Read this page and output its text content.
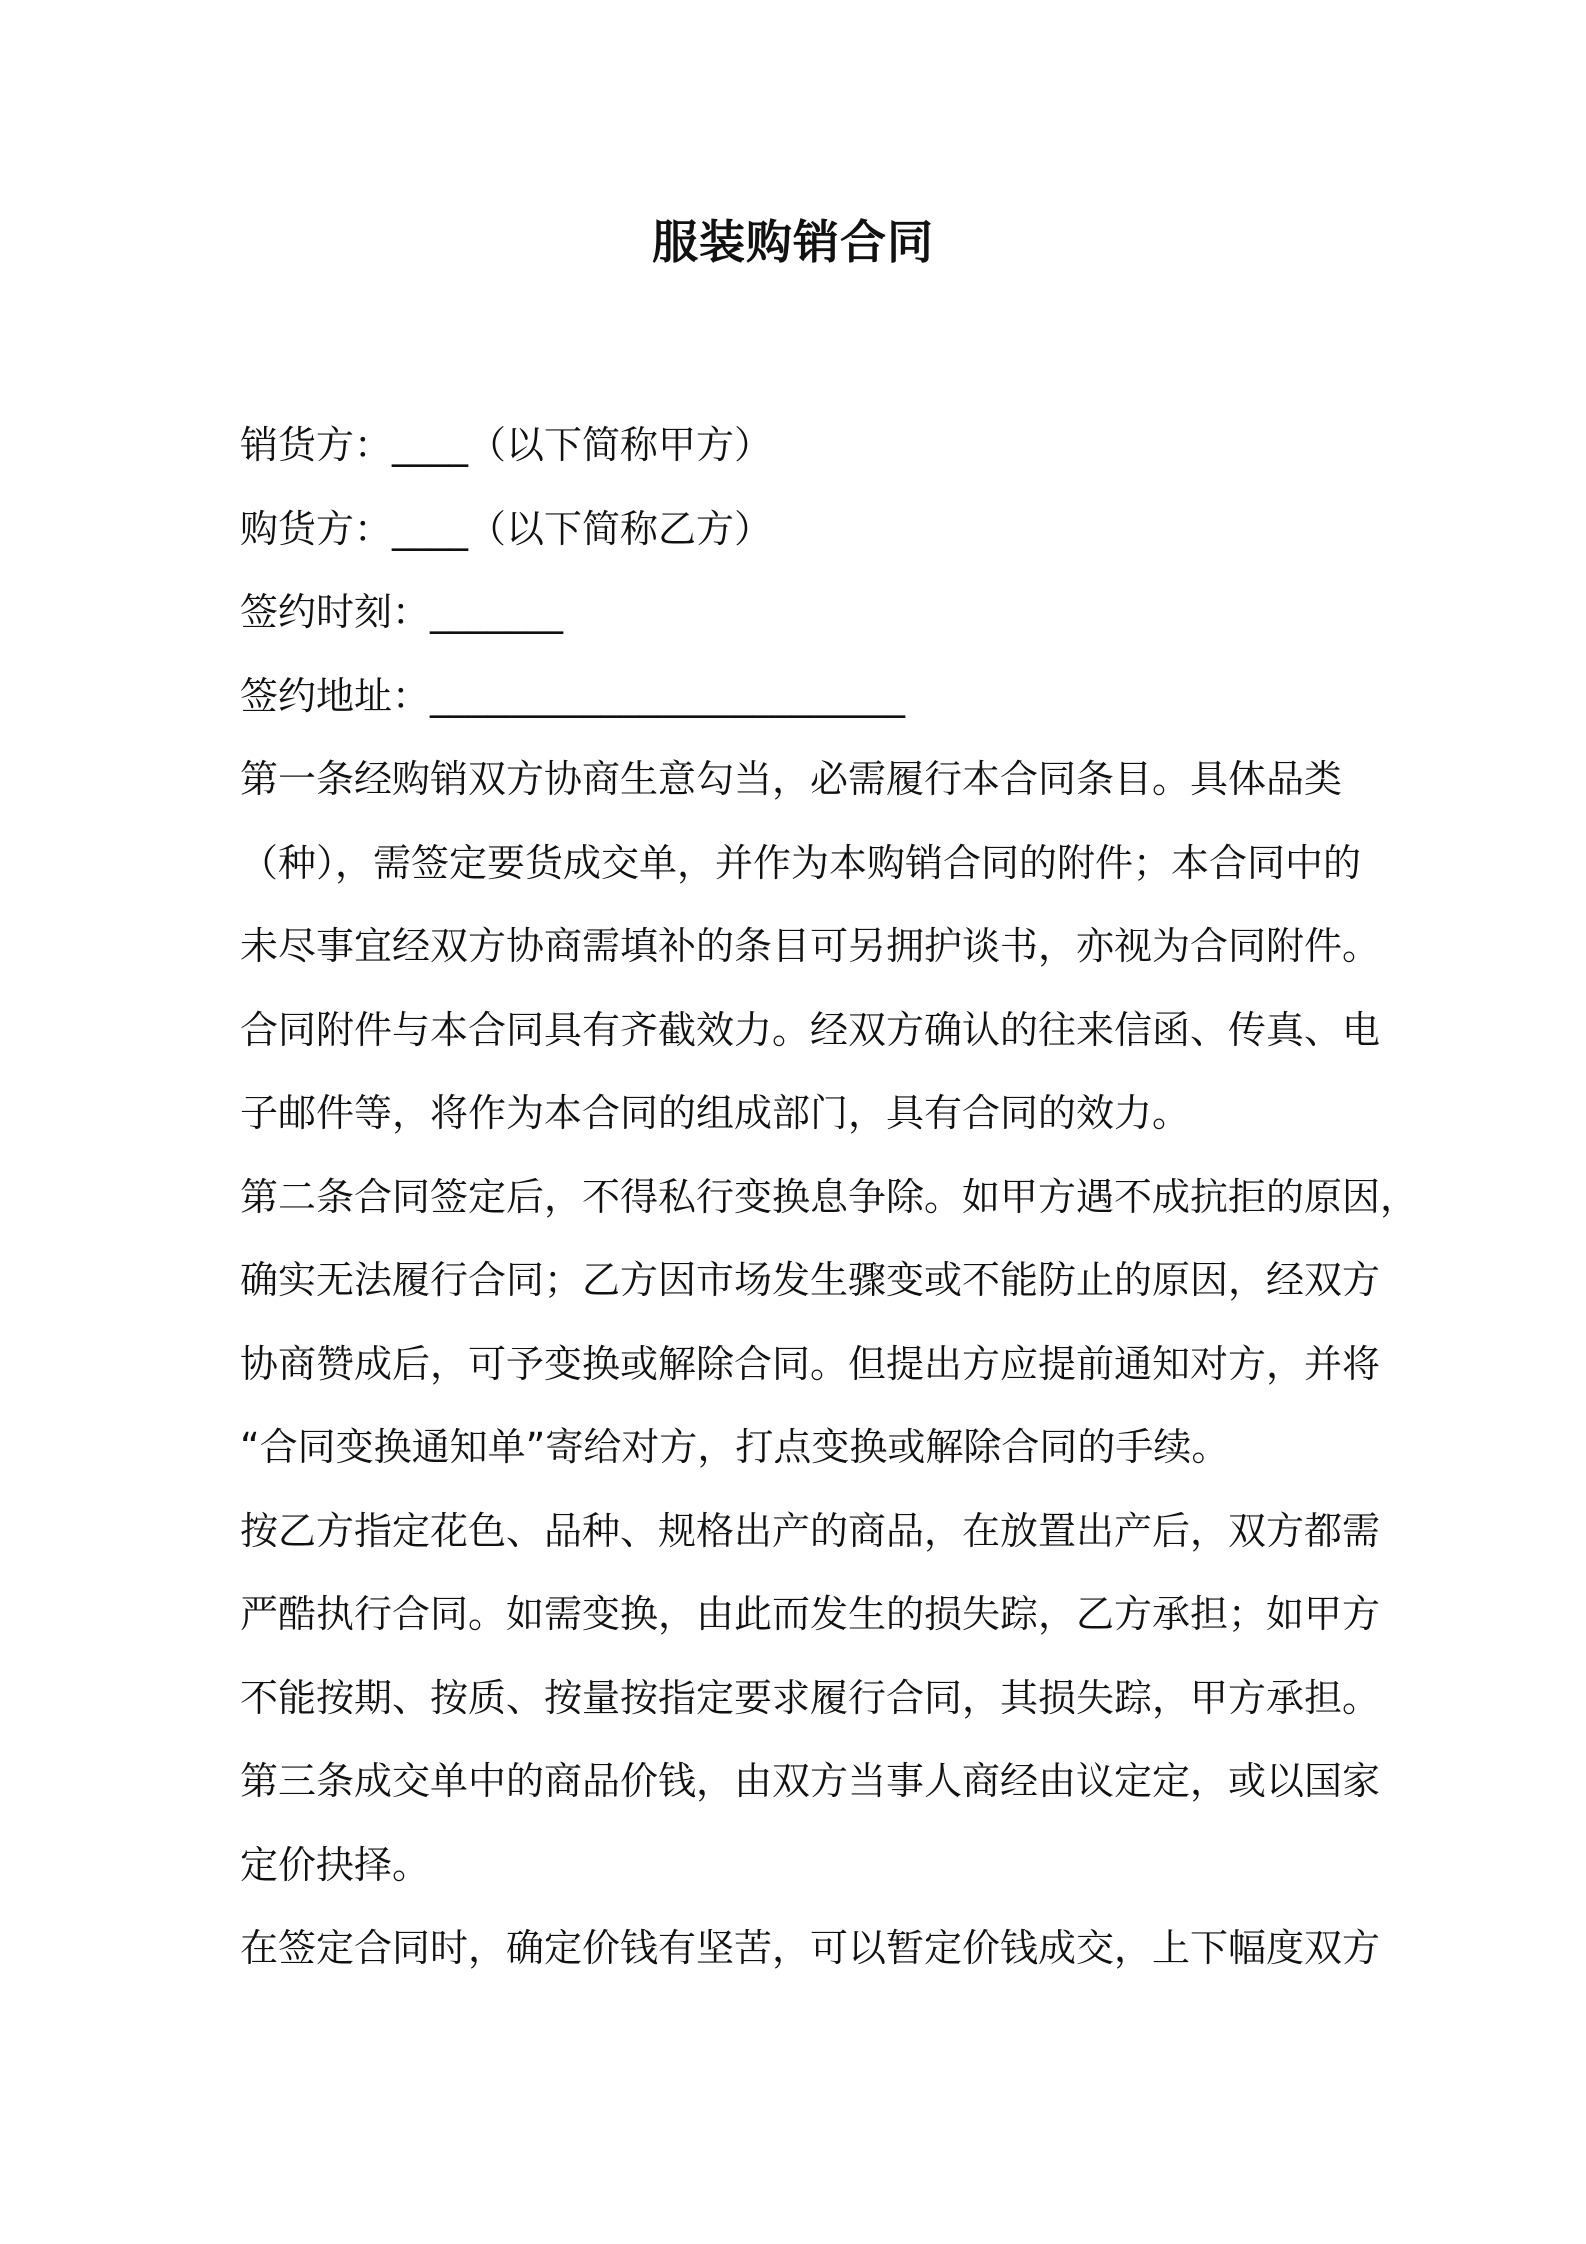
服装购销合同
销货方：____（以下简称甲方）
购货方：____（以下简称乙方）
签约时刻：_______
签约地址：_________________________
第一条经购销双方协商生意勾当，必需履行本合同条目。具体品类
（种），需签定要货成交单，并作为本购销合同的附件；本合同中的
未尽事宜经双方协商需填补的条目可另拥护谈书，亦视为合同附件。
合同附件与本合同具有齐截效力。经双方确认的往来信函、传真、电
子邮件等，将作为本合同的组成部门，具有合同的效力。
第二条合同签定后，不得私行变换息争除。如甲方遇不成抗拒的原因，
确实无法履行合同；乙方因市场发生骤变或不能防止的原因，经双方
协商赞成后，可予变换或解除合同。但提出方应提前通知对方，并将
“合同变换通知单”寄给对方，打点变换或解除合同的手续。
按乙方指定花色、品种、规格出产的商品，在放置出产后，双方都需
严酷执行合同。如需变换，由此而发生的损失踪，乙方承担；如甲方
不能按期、按质、按量按指定要求履行合同，其损失踪，甲方承担。
第三条成交单中的商品价钱，由双方当事人商经由议定定，或以国家
定价抉择。
在签定合同时，确定价钱有坚苦，可以暂定价钱成交，上下幅度双方
